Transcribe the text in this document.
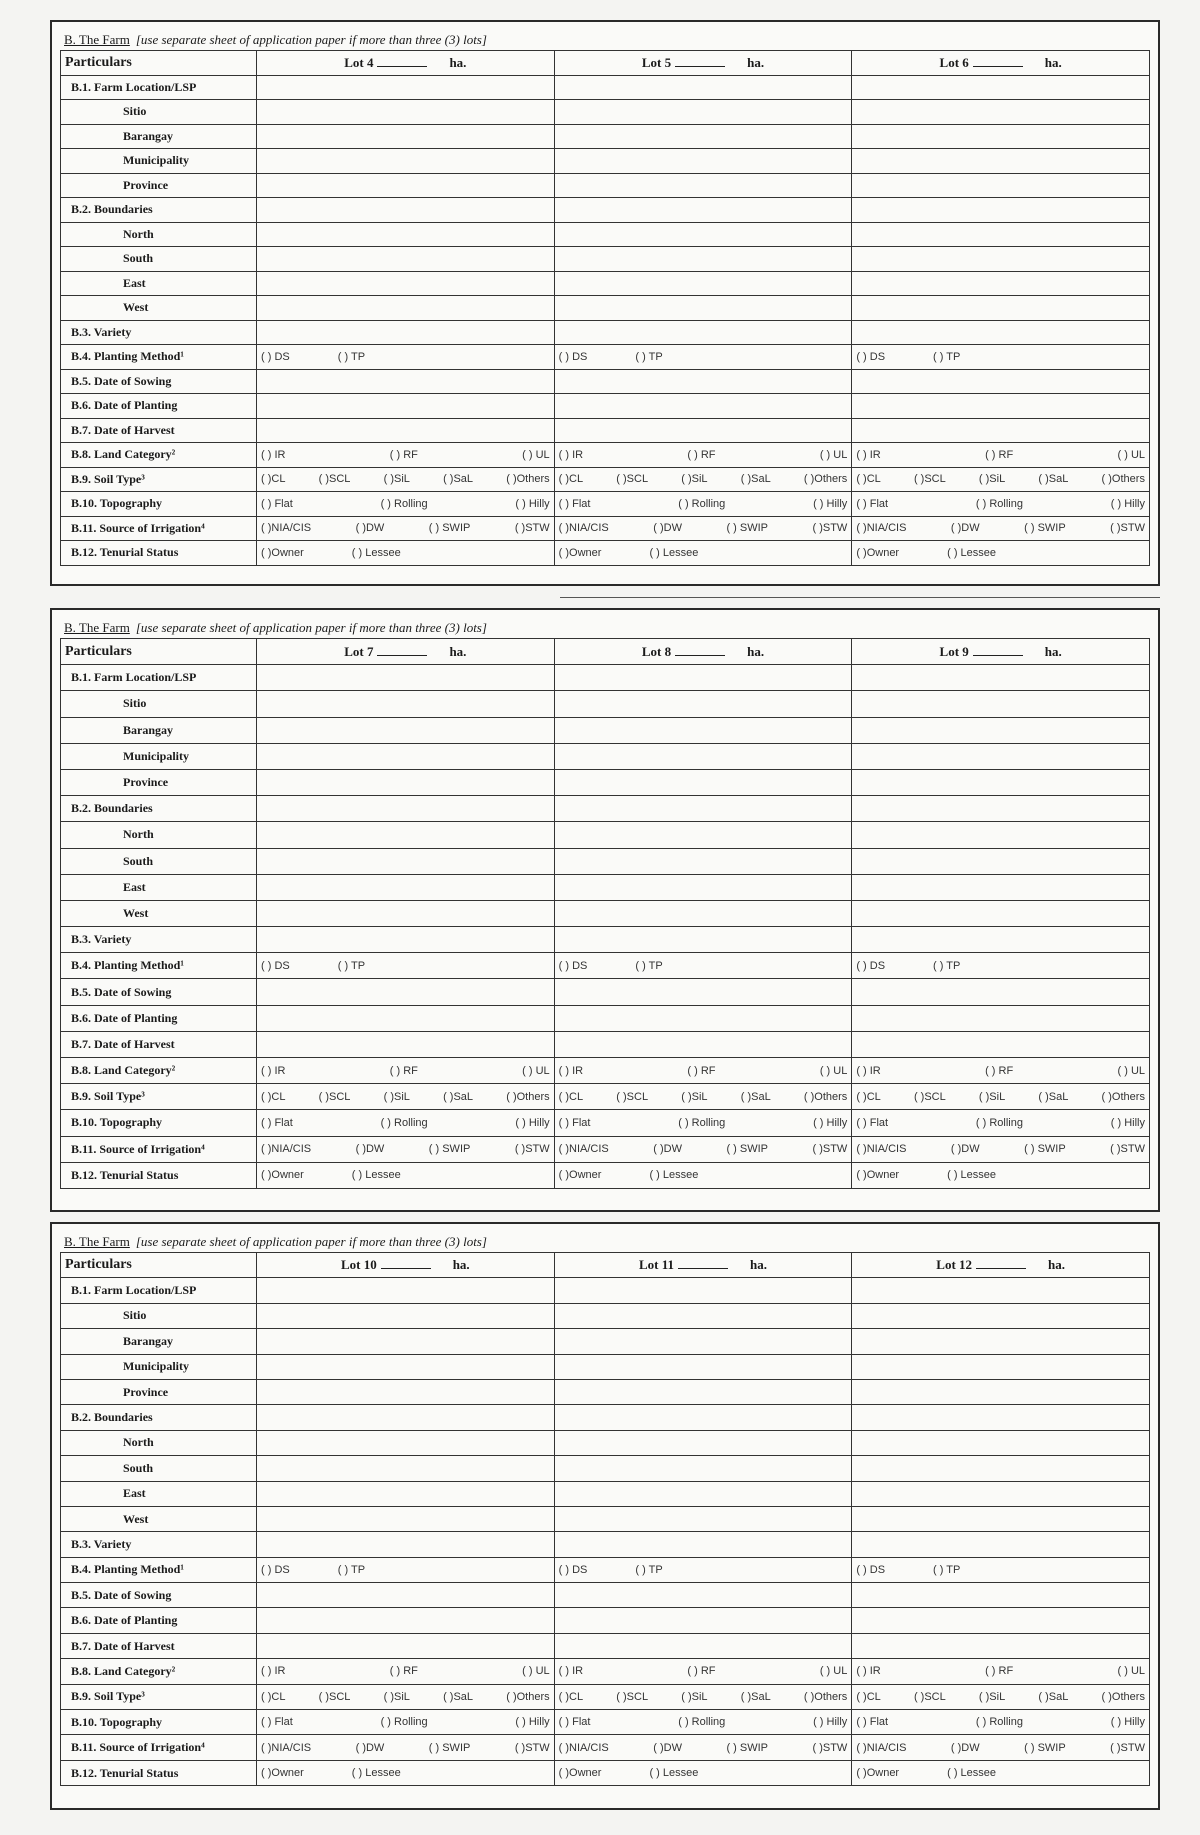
B. The Farm [use separate sheet of application paper if more than three (3) lots]
Particulars	Lot 4 ha.	Lot 5 ha.	Lot 6 ha.
B.1. Farm Location/LSP			
Sitio			
Barangay			
Municipality			
Province			
B.2. Boundaries			
North			
South			
East			
West			
B.3. Variety			
B.4. Planting Method¹	( ) DS ( ) TP	( ) DS ( ) TP	( ) DS ( ) TP

B.5. Date of Sowing			
B.6. Date of Planting			
B.7. Date of Harvest			
B.8. Land Category²	( ) IR ( ) RF ( ) UL	( ) IR ( ) RF ( ) UL	( ) IR ( ) RF ( ) UL

B.9. Soil Type³	( )CL ( )SCL ( )SiL ( )SaL ( )Others	( )CL ( )SCL ( )SiL ( )SaL ( )Others	( )CL ( )SCL ( )SiL ( )SaL ( )Others

B.10. Topography	( ) Flat ( ) Rolling ( ) Hilly	( ) Flat ( ) Rolling ( ) Hilly	( ) Flat ( ) Rolling ( ) Hilly

B.11. Source of Irrigation⁴	( )NIA/CIS ( )DW ( ) SWIP ( )STW	( )NIA/CIS ( )DW ( ) SWIP ( )STW	( )NIA/CIS ( )DW ( ) SWIP ( )STW

B.12. Tenurial Status	( )Owner ( ) Lessee	( )Owner ( ) Lessee	( )Owner ( ) Lessee
B. The Farm [use separate sheet of application paper if more than three (3) lots]
Particulars	Lot 7 ha.	Lot 8 ha.	Lot 9 ha.
B.1. Farm Location/LSP			
Sitio			
Barangay			
Municipality			
Province			
B.2. Boundaries			
North			
South			
East			
West			
B.3. Variety			
B.4. Planting Method¹	( ) DS ( ) TP	( ) DS ( ) TP	( ) DS ( ) TP

B.5. Date of Sowing			
B.6. Date of Planting			
B.7. Date of Harvest			
B.8. Land Category²	( ) IR ( ) RF ( ) UL	( ) IR ( ) RF ( ) UL	( ) IR ( ) RF ( ) UL

B.9. Soil Type³	( )CL ( )SCL ( )SiL ( )SaL ( )Others	( )CL ( )SCL ( )SiL ( )SaL ( )Others	( )CL ( )SCL ( )SiL ( )SaL ( )Others

B.10. Topography	( ) Flat ( ) Rolling ( ) Hilly	( ) Flat ( ) Rolling ( ) Hilly	( ) Flat ( ) Rolling ( ) Hilly

B.11. Source of Irrigation⁴	( )NIA/CIS ( )DW ( ) SWIP ( )STW	( )NIA/CIS ( )DW ( ) SWIP ( )STW	( )NIA/CIS ( )DW ( ) SWIP ( )STW

B.12. Tenurial Status	( )Owner ( ) Lessee	( )Owner ( ) Lessee	( )Owner ( ) Lessee
B. The Farm [use separate sheet of application paper if more than three (3) lots]
Particulars	Lot 10 ha.	Lot 11 ha.	Lot 12 ha.
B.1. Farm Location/LSP			
Sitio			
Barangay			
Municipality			
Province			
B.2. Boundaries			
North			
South			
East			
West			
B.3. Variety			
B.4. Planting Method¹	( ) DS ( ) TP	( ) DS ( ) TP	( ) DS ( ) TP

B.5. Date of Sowing			
B.6. Date of Planting			
B.7. Date of Harvest			
B.8. Land Category²	( ) IR ( ) RF ( ) UL	( ) IR ( ) RF ( ) UL	( ) IR ( ) RF ( ) UL

B.9. Soil Type³	( )CL ( )SCL ( )SiL ( )SaL ( )Others	( )CL ( )SCL ( )SiL ( )SaL ( )Others	( )CL ( )SCL ( )SiL ( )SaL ( )Others

B.10. Topography	( ) Flat ( ) Rolling ( ) Hilly	( ) Flat ( ) Rolling ( ) Hilly	( ) Flat ( ) Rolling ( ) Hilly

B.11. Source of Irrigation⁴	( )NIA/CIS ( )DW ( ) SWIP ( )STW	( )NIA/CIS ( )DW ( ) SWIP ( )STW	( )NIA/CIS ( )DW ( ) SWIP ( )STW

B.12. Tenurial Status	( )Owner ( ) Lessee	( )Owner ( ) Lessee	( )Owner ( ) Lessee
